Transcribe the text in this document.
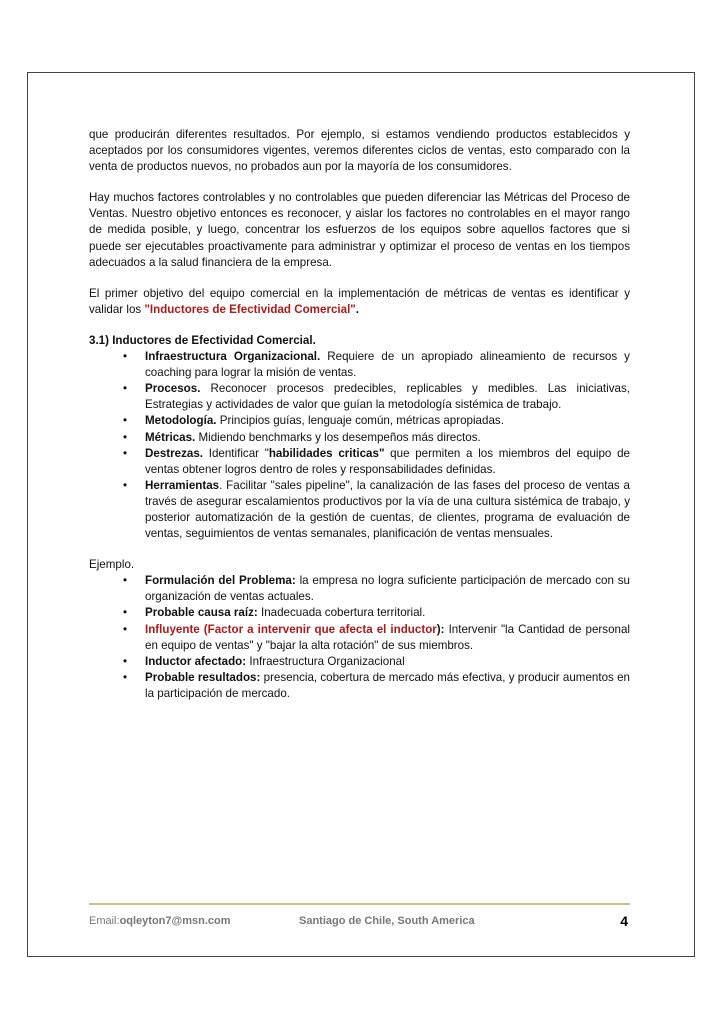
que producirán diferentes resultados. Por ejemplo, si estamos vendiendo productos establecidos y aceptados por los consumidores vigentes, veremos diferentes ciclos de ventas, esto comparado con la venta de productos nuevos, no probados aun por la mayoría de los consumidores.

Hay muchos factores controlables y no controlables que pueden diferenciar las Métricas del Proceso de Ventas. Nuestro objetivo entonces es reconocer, y aislar los factores no controlables en el mayor rango de medida posible, y luego, concentrar los esfuerzos de los equipos sobre aquellos factores que si puede ser ejecutables proactivamente para administrar y optimizar el proceso de ventas en los tiempos adecuados a la salud financiera de la empresa.

El primer objetivo del equipo comercial en la implementación de métricas de ventas es identificar y validar los "Inductores de Efectividad Comercial".

3.1) Inductores de Efectividad Comercial.
• Infraestructura Organizacional. Requiere de un apropiado alineamiento de recursos y coaching para lograr la misión de ventas.
• Procesos. Reconocer procesos predecibles, replicables y medibles. Las iniciativas, Estrategias y actividades de valor que guían la metodología sistémica de trabajo.
• Metodología. Principios guías, lenguaje común, métricas apropiadas.
• Métricas. Midiendo benchmarks y los desempeños más directos.
• Destrezas. Identificar "habilidades criticas" que permiten a los miembros del equipo de ventas obtener logros dentro de roles y responsabilidades definidas.
• Herramientas. Facilitar "sales pipeline", la canalización de las fases del proceso de ventas a través de asegurar escalamientos productivos por la vía de una cultura sistémica de trabajo, y posterior automatización de la gestión de cuentas, de clientes, programa de evaluación de ventas, seguimientos de ventas semanales, planificación de ventas mensuales.
Ejemplo.
• Formulación del Problema: la empresa no logra suficiente participación de mercado con su organización de ventas actuales.
• Probable causa raíz: Inadecuada cobertura territorial.
• Influyente (Factor a intervenir que afecta el inductor): Intervenir "la Cantidad de personal en equipo de ventas" y "bajar la alta rotación" de sus miembros.
• Inductor afectado: Infraestructura Organizacional
• Probable resultados: presencia, cobertura de mercado más efectiva, y producir aumentos en la participación de mercado.
Email:oqleyton7@msn.com	Santiago de Chile, South America	4
